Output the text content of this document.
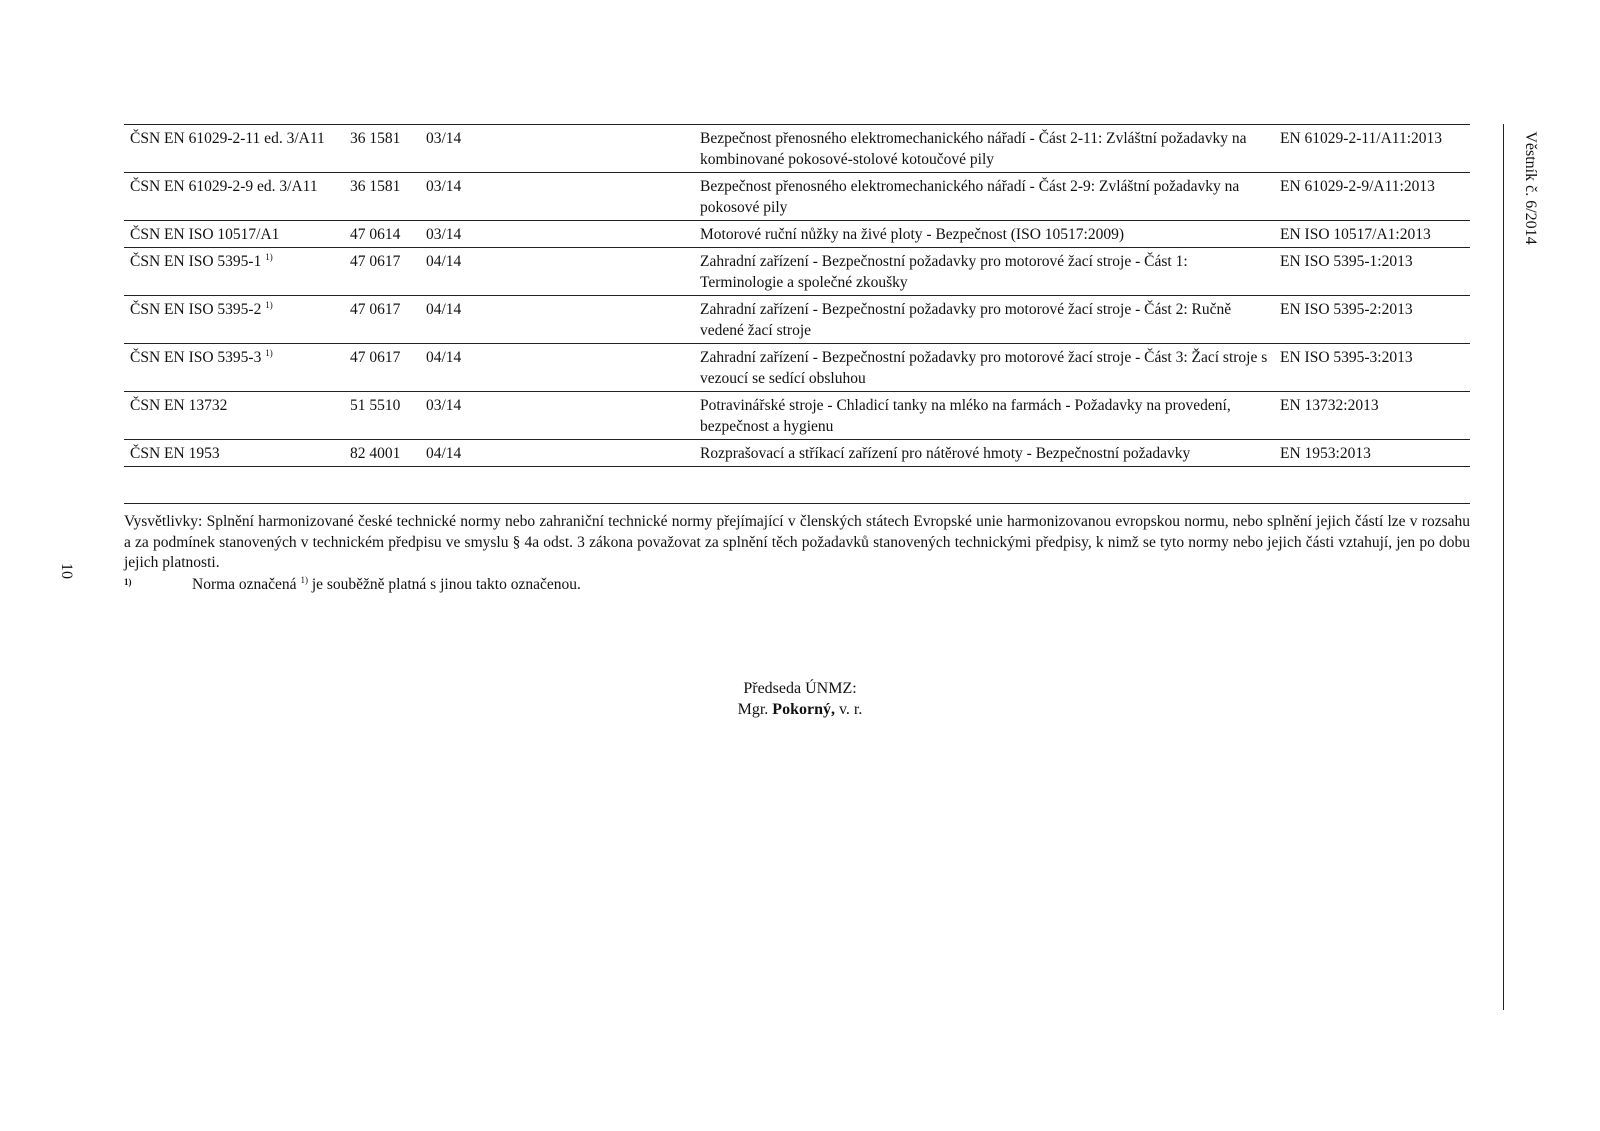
10
Věstník č. 6/2014
ČSN EN 61029-2-11 ed. 3/A11	36 1581	03/14	Bezpečnost přenosného elektromechanického nářadí - Část 2-11: Zvláštní požadavky na kombinované pokosové-stolové kotoučové pily	EN 61029-2-11/A11:2013
ČSN EN 61029-2-9 ed. 3/A11	36 1581	03/14	Bezpečnost přenosného elektromechanického nářadí - Část 2-9: Zvláštní požadavky na pokosové pily	EN 61029-2-9/A11:2013
ČSN EN ISO 10517/A1	47 0614	03/14	Motorové ruční nůžky na živé ploty - Bezpečnost (ISO 10517:2009)	EN ISO 10517/A1:2013
ČSN EN ISO 5395-1 $^{1)}$	47 0617	04/14	Zahradní zařízení - Bezpečnostní požadavky pro motorové žací stroje - Část 1: Terminologie a společné zkoušky	EN ISO 5395-1:2013
ČSN EN ISO 5395-2 $^{1)}$	47 0617	04/14	Zahradní zařízení - Bezpečnostní požadavky pro motorové žací stroje - Část 2: Ručně vedené žací stroje	EN ISO 5395-2:2013
ČSN EN ISO 5395-3 $^{1)}$	47 0617	04/14	Zahradní zařízení - Bezpečnostní požadavky pro motorové žací stroje - Část 3: Žací stroje s vezoucí se sedící obsluhou	EN ISO 5395-3:2013
ČSN EN 13732	51 5510	03/14	Potravinářské stroje - Chladicí tanky na mléko na farmách - Požadavky na provedení, bezpečnost a hygienu	EN 13732:2013
ČSN EN 1953	82 4001	04/14	Rozprašovací a stříkací zařízení pro nátěrové hmoty - Bezpečnostní požadavky	EN 1953:2013
Vysvětlivky: Splnění harmonizované české technické normy nebo zahraniční technické normy přejímající v členských státech Evropské unie harmonizovanou evropskou normu, nebo splnění jejich částí lze v rozsahu a za podmínek stanovených v technickém předpisu ve smyslu § 4a odst. 3 zákona považovat za splnění těch požadavků stanovených technickými předpisy, k nimž se tyto normy nebo jejich části vztahují, jen po dobu jejich platnosti.
1)	Norma označená $^{1)}$ je souběžně platná s jinou takto označenou.
Předseda ÚNMZ:
Mgr. Pokorný, v. r.
